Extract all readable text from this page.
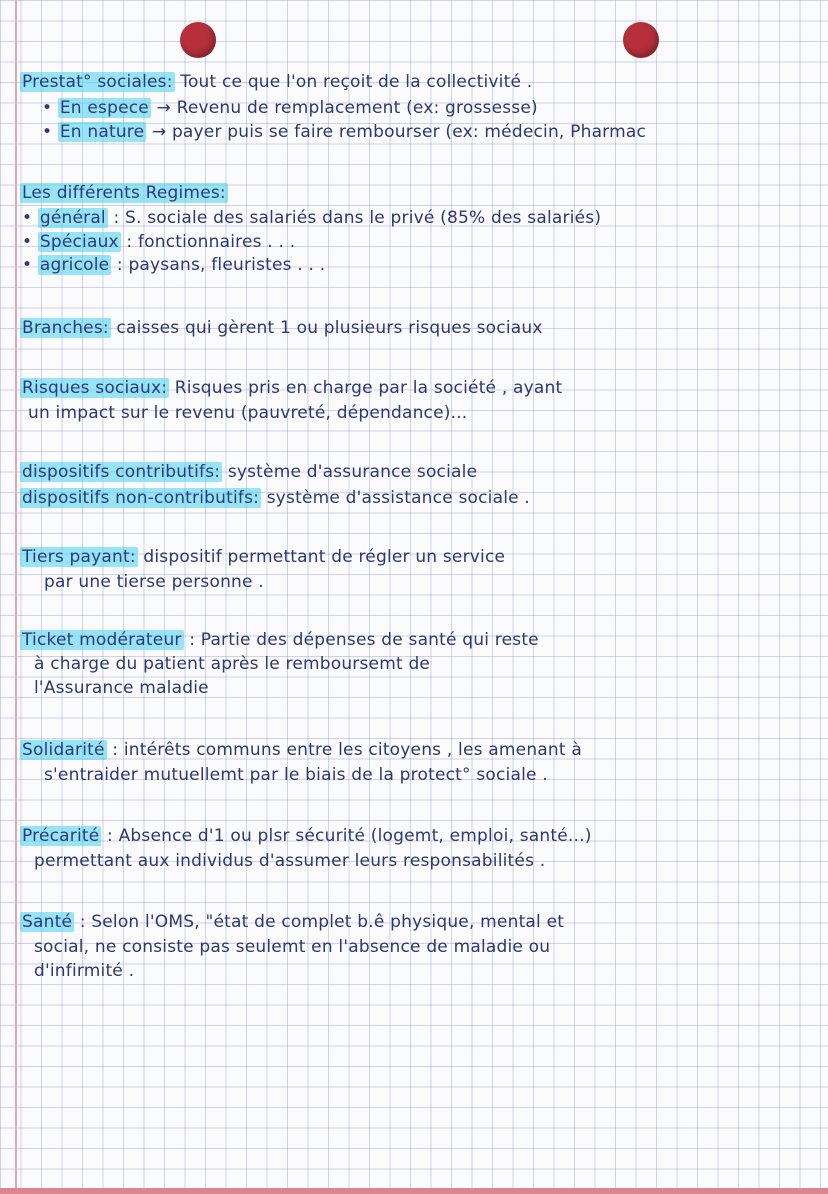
Prestat° sociales: Tout ce que l'on reçoit de la collectivité .
• En espece → Revenu de remplacement (ex: grossesse)
• En nature → payer puis se faire rembourser (ex: médecin, Pharmac
Les différents Regimes:
• général : S. sociale des salariés dans le privé (85% des salariés)
• Spéciaux : fonctionnaires . . .
• agricole : paysans, fleuristes . . .
Branches: caisses qui gèrent 1 ou plusieurs risques sociaux
Risques sociaux: Risques pris en charge par la société , ayant
un impact sur le revenu (pauvreté, dépendance)...
dispositifs contributifs: système d'assurance sociale
dispositifs non-contributifs: système d'assistance sociale .
Tiers payant: dispositif permettant de régler un service
par une tierse personne .
Ticket modérateur : Partie des dépenses de santé qui reste
à charge du patient après le remboursemt de
l'Assurance maladie
Solidarité : intérêts communs entre les citoyens , les amenant à
s'entraider mutuellemt par le biais de la protect° sociale .
Précarité : Absence d'1 ou plsr sécurité (logemt, emploi, santé...)
permettant aux individus d'assumer leurs responsabilités .
Santé : Selon l'OMS, "état de complet b.ê physique, mental et
social, ne consiste pas seulemt en l'absence de maladie ou
d'infirmité .
